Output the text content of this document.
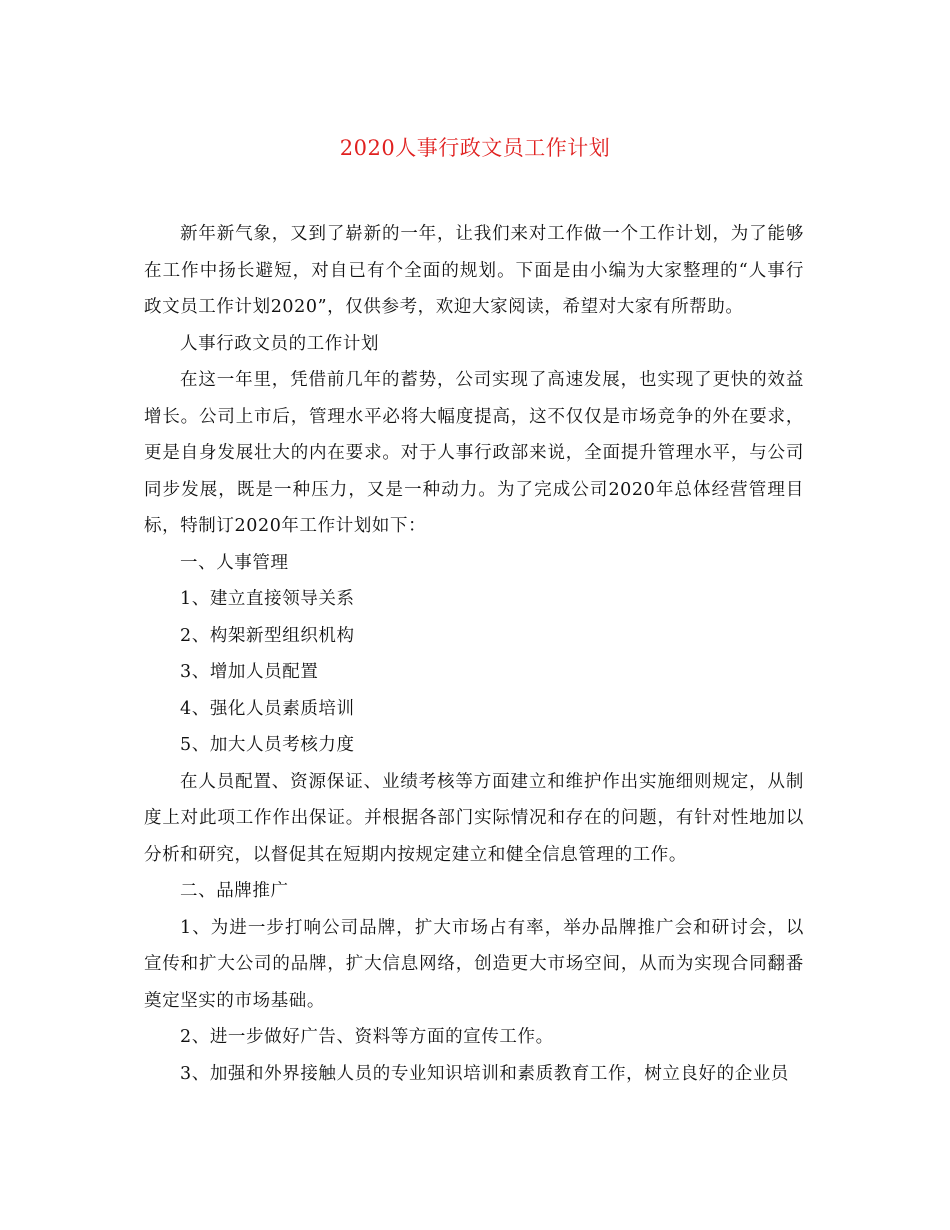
2020人事行政文员工作计划

新年新气象，又到了崭新的一年，让我们来对工作做一个工作计划，为了能够在工作中扬长避短，对自已有个全面的规划。下面是由小编为大家整理的“人事行政文员工作计划2020”，仅供参考，欢迎大家阅读，希望对大家有所帮助。

人事行政文员的工作计划

在这一年里，凭借前几年的蓄势，公司实现了高速发展，也实现了更快的效益增长。公司上市后，管理水平必将大幅度提高，这不仅仅是市场竞争的外在要求，更是自身发展壮大的内在要求。对于人事行政部来说，全面提升管理水平，与公司同步发展，既是一种压力，又是一种动力。为了完成公司2020年总体经营管理目标，特制订2020年工作计划如下：

一、人事管理

1、建立直接领导关系

2、构架新型组织机构

3、增加人员配置

4、强化人员素质培训

5、加大人员考核力度

在人员配置、资源保证、业绩考核等方面建立和维护作出实施细则规定，从制度上对此项工作作出保证。并根据各部门实际情况和存在的问题，有针对性地加以分析和研究，以督促其在短期内按规定建立和健全信息管理的工作。

二、品牌推广

1、为进一步打响公司品牌，扩大市场占有率，举办品牌推广会和研讨会，以宣传和扩大公司的品牌，扩大信息网络，创造更大市场空间，从而为实现合同翻番奠定坚实的市场基础。

2、进一步做好广告、资料等方面的宣传工作。

3、加强和外界接触人员的专业知识培训和素质教育工作，树立良好的企业员
